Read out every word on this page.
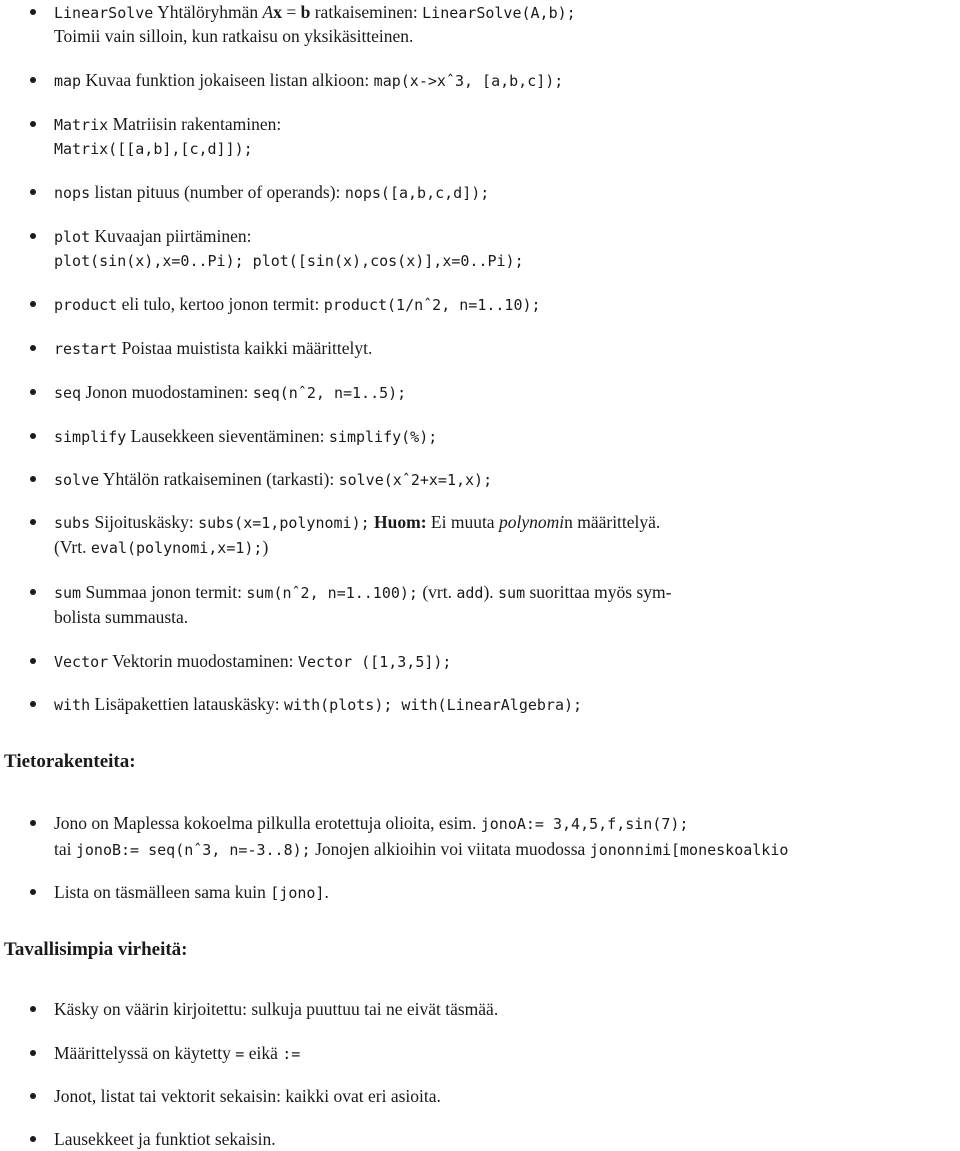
LinearSolve Yhtälöryhmän Ax = b ratkaiseminen: LinearSolve(A,b);
Toimii vain silloin, kun ratkaisu on yksikäsitteinen.
map Kuvaa funktion jokaiseen listan alkioon: map(x->xˆ3, [a,b,c]);
Matrix Matriisin rakentaminen:
Matrix([[a,b],[c,d]]);
nops listan pituus (number of operands): nops([a,b,c,d]);
plot Kuvaajan piirtäminen:
plot(sin(x),x=0..Pi); plot([sin(x),cos(x)],x=0..Pi);
product eli tulo, kertoo jonon termit: product(1/nˆ2, n=1..10);
restart Poistaa muistista kaikki määrittelyt.
seq Jonon muodostaminen: seq(nˆ2, n=1..5);
simplify Lausekkeen sieventäminen: simplify(%);
solve Yhtälön ratkaiseminen (tarkasti): solve(xˆ2+x=1,x);
subs Sijoituskäsky: subs(x=1,polynomi); Huom: Ei muuta polynomin määrittelyä.
(Vrt. eval(polynomi,x=1);)
sum Summaa jonon termit: sum(nˆ2, n=1..100); (vrt. add). sum suorittaa myös sym-
bolista summausta.
Vector Vektorin muodostaminen: Vector ([1,3,5]);
with Lisäpakettien latauskäsky: with(plots); with(LinearAlgebra);
Tietorakenteita:
Jono on Maplessa kokoelma pilkulla erotettuja olioita, esim. jonoA:= 3,4,5,f,sin(7);
tai jonoB:= seq(nˆ3, n=-3..8); Jonojen alkioihin voi viitata muodossa jononnimi[moneskoalkio
Lista on täsmälleen sama kuin [jono].
Tavallisimpia virheitä:
Käsky on väärin kirjoitettu: sulkuja puuttuu tai ne eivät täsmää.
Määrittelyssä on käytetty = eikä :=
Jonot, listat tai vektorit sekaisin: kaikki ovat eri asioita.
Lausekkeet ja funktiot sekaisin.
